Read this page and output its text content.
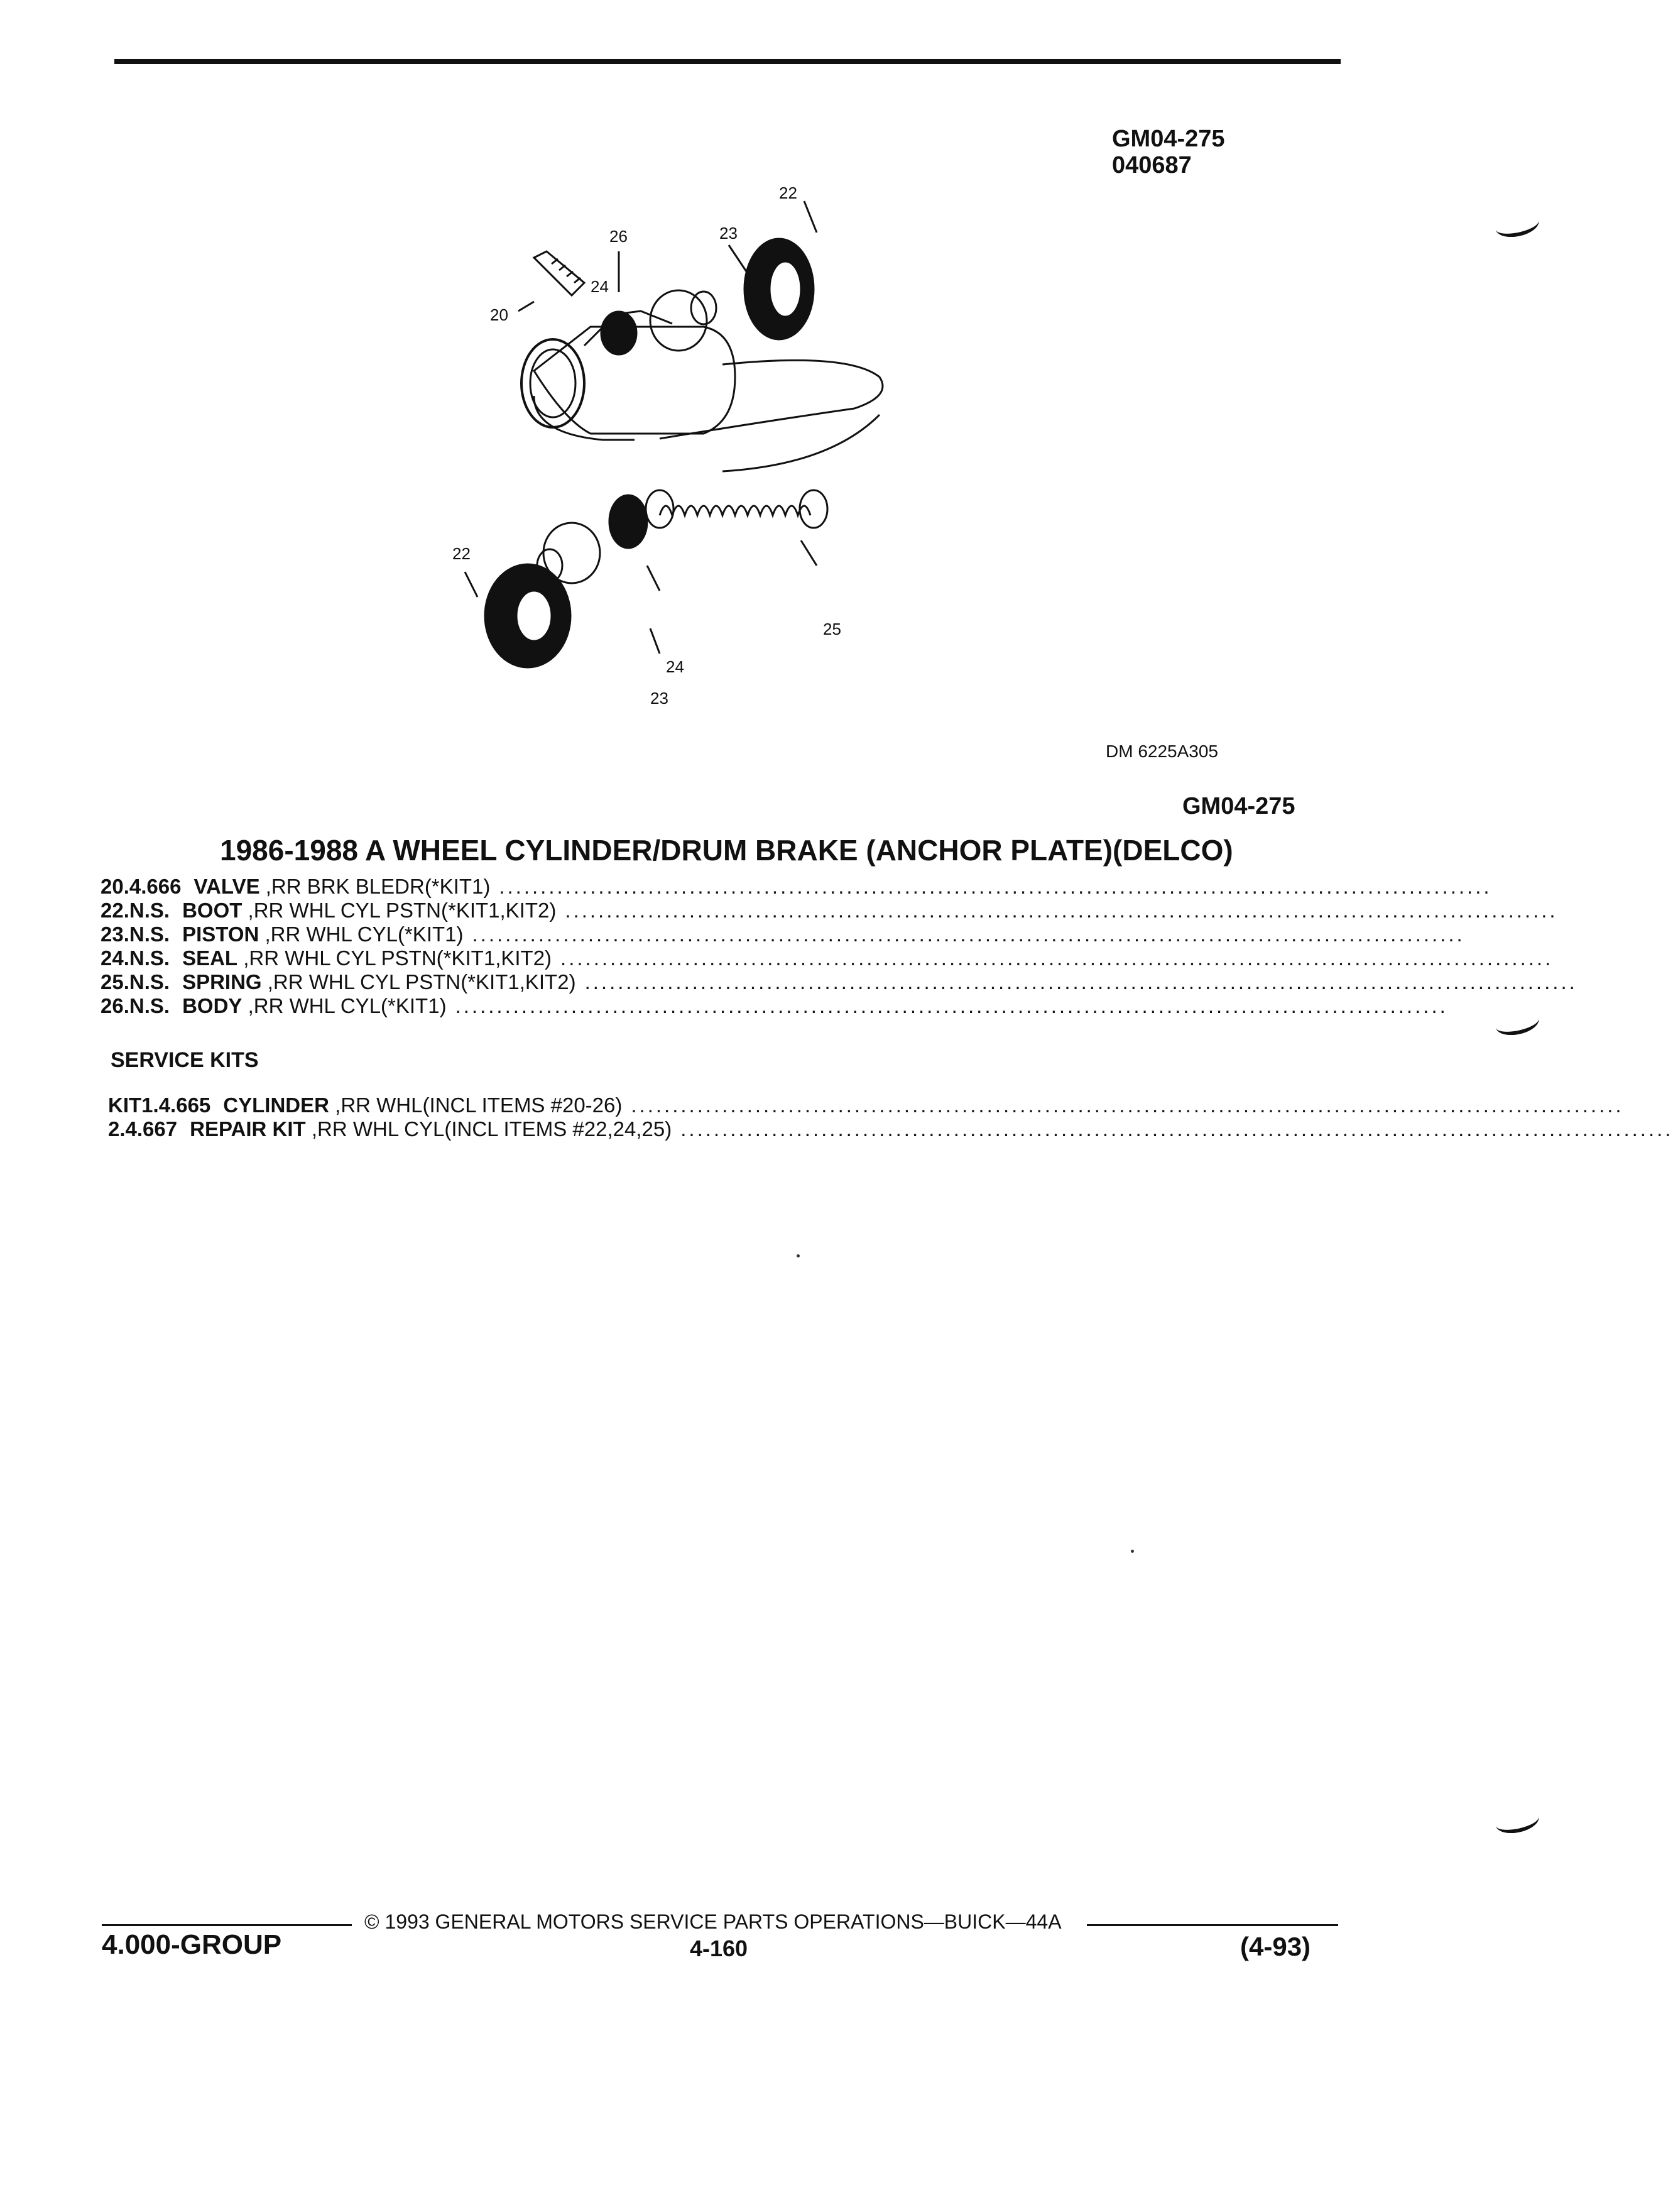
GM04-275
040687
20
26	23
22
24
22
24
25
23
DM 6225A305
GM04-275
1986-1988 A WHEEL CYLINDER/DRUM BRAKE (ANCHOR PLATE)(DELCO)
20. 4.666 VALVE ,RR BRK BLEDR(*KIT1) ........................................................................................................................
22. N.S. BOOT ,RR WHL CYL PSTN(*KIT1,KIT2) ........................................................................................................................
23. N.S. PISTON ,RR WHL CYL(*KIT1) ........................................................................................................................
24. N.S. SEAL ,RR WHL CYL PSTN(*KIT1,KIT2) ........................................................................................................................
25. N.S. SPRING ,RR WHL CYL PSTN(*KIT1,KIT2) ........................................................................................................................
26. N.S. BODY ,RR WHL CYL(*KIT1) ........................................................................................................................
SERVICE KITS
KIT 1. 4.665 CYLINDER ,RR WHL(INCL ITEMS #20-26) ........................................................................................................................
2. 4.667 REPAIR KIT ,RR WHL CYL(INCL ITEMS #22,24,25) ........................................................................................................................
© 1993 GENERAL MOTORS SERVICE PARTS OPERATIONS—BUICK—44A
4.000-GROUP	4-160	(4-93)
